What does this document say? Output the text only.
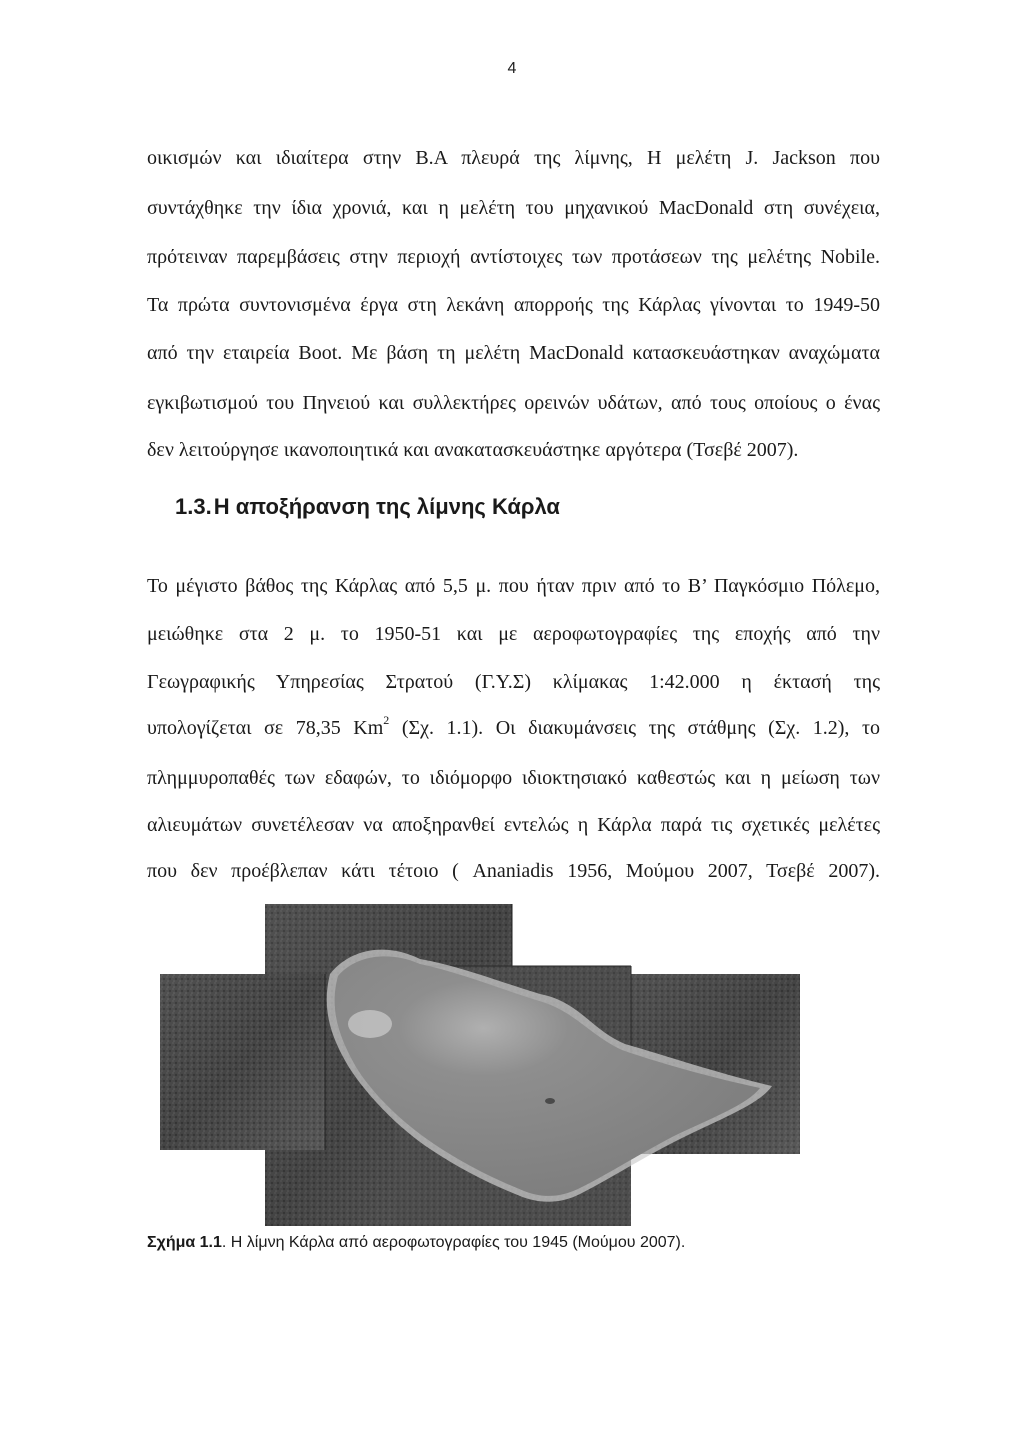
4
οικισμών και ιδιαίτερα στην Β.Α πλευρά της λίμνης, Η μελέτη J. Jackson που
συντάχθηκε την ίδια χρονιά, και η μελέτη του μηχανικού MacDonald στη συνέχεια,
πρότειναν παρεμβάσεις στην περιοχή αντίστοιχες των προτάσεων της μελέτης Nobile.
Τα πρώτα συντονισμένα έργα στη λεκάνη απορροής της Κάρλας γίνονται το 1949-50
από την εταιρεία Boot. Με βάση τη μελέτη MacDonald κατασκευάστηκαν αναχώματα
εγκιβωτισμού του Πηνειού και συλλεκτήρες ορεινών υδάτων, από τους οποίους ο ένας
δεν λειτούργησε ικανοποιητικά και ανακατασκευάστηκε αργότερα (Τσεβέ 2007).
1.3.Η αποξήρανση της λίμνης Κάρλα
Το μέγιστο βάθος της Κάρλας από 5,5 μ. που ήταν πριν από το Β’ Παγκόσμιο Πόλεμο,
μειώθηκε στα 2 μ. το 1950-51 και με αεροφωτογραφίες της εποχής από την
Γεωγραφικής Υπηρεσίας Στρατού (Γ.Υ.Σ) κλίμακας 1:42.000 η έκτασή της
υπολογίζεται σε 78,35 Km$^2$ (Σχ. 1.1). Οι διακυμάνσεις της στάθμης (Σχ. 1.2), το
πλημμυροπαθές των εδαφών, το ιδιόμορφο ιδιοκτησιακό καθεστώς και η μείωση των
αλιευμάτων συνετέλεσαν να αποξηρανθεί εντελώς η Κάρλα παρά τις σχετικές μελέτες
που δεν προέβλεπαν κάτι τέτοιο ( Ananiadis 1956, Μούμου 2007, Τσεβέ 2007).
Σχήμα 1.1. Η λίμνη Κάρλα από αεροφωτογραφίες του 1945 (Μούμου 2007).
